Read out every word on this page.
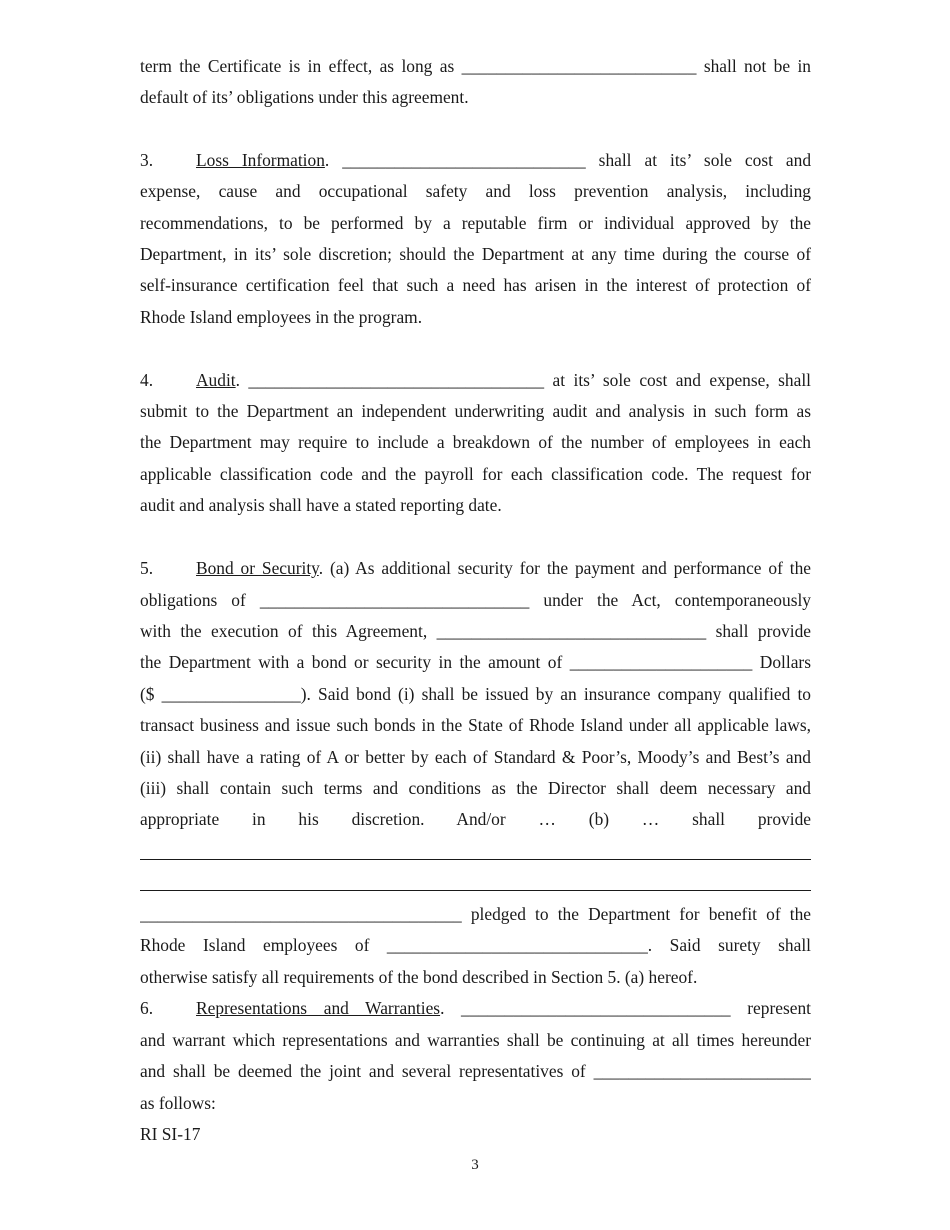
term the Certificate is in effect, as long as ___________________________ shall not be in
default of its’ obligations under this agreement.
3. Loss Information. ____________________________ shall at its’ sole cost and
expense, cause and occupational safety and loss prevention analysis, including
recommendations, to be performed by a reputable firm or individual approved by the
Department, in its’ sole discretion; should the Department at any time during the course of
self-insurance certification feel that such a need has arisen in the interest of protection of
Rhode Island employees in the program.
4. Audit. __________________________________ at its’ sole cost and expense, shall
submit to the Department an independent underwriting audit and analysis in such form as
the Department may require to include a breakdown of the number of employees in each
applicable classification code and the payroll for each classification code. The request for
audit and analysis shall have a stated reporting date.
5. Bond or Security. (a) As additional security for the payment and performance of the
obligations of _______________________________ under the Act, contemporaneously
with the execution of this Agreement, _______________________________ shall provide
the Department with a bond or security in the amount of _____________________ Dollars
($ ________________). Said bond (i) shall be issued by an insurance company qualified to
transact business and issue such bonds in the State of Rhode Island under all applicable laws,
(ii) shall have a rating of A or better by each of Standard & Poor’s, Moody’s and Best’s and
(iii) shall contain such terms and conditions as the Director shall deem necessary and
appropriate in his discretion. And/or … (b) … shall provide
_____________________________________ pledged to the Department for benefit of the
Rhode Island employees of ______________________________. Said surety shall
otherwise satisfy all requirements of the bond described in Section 5. (a) hereof.
6. Representations and Warranties. _______________________________ represent
and warrant which representations and warranties shall be continuing at all times hereunder
and shall be deemed the joint and several representatives of _________________________
as follows:
RI SI-17
3
